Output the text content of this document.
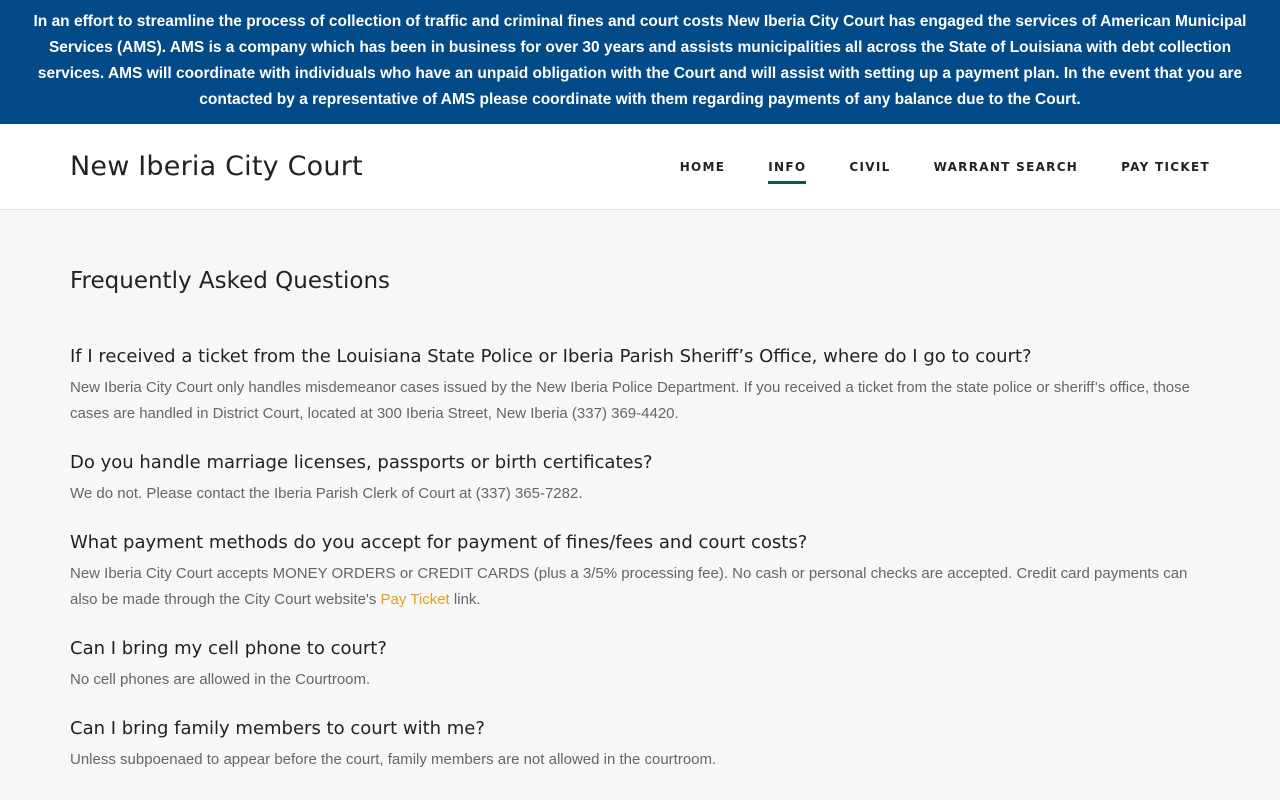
In an effort to streamline the process of collection of traffic and criminal fines and court costs New Iberia City Court has engaged the services of American Municipal Services (AMS). AMS is a company which has been in business for over 30 years and assists municipalities all across the State of Louisiana with debt collection services. AMS will coordinate with individuals who have an unpaid obligation with the Court and will assist with setting up a payment plan. In the event that you are contacted by a representative of AMS please coordinate with them regarding payments of any balance due to the Court.
New Iberia City Court	HOME	INFO	CIVIL	WARRANT SEARCH	PAY TICKET
Frequently Asked Questions
If I received a ticket from the Louisiana State Police or Iberia Parish Sheriff’s Office, where do I go to court?

New Iberia City Court only handles misdemeanor cases issued by the New Iberia Police Department. If you received a ticket from the state police or sheriff’s office, those cases are handled in District Court, located at 300 Iberia Street, New Iberia (337) 369-4420.

Do you handle marriage licenses, passports or birth certificates?

We do not. Please contact the Iberia Parish Clerk of Court at (337) 365-7282.

What payment methods do you accept for payment of fines/fees and court costs?

New Iberia City Court accepts MONEY ORDERS or CREDIT CARDS (plus a 3/5% processing fee). No cash or personal checks are accepted. Credit card payments can also be made through the City Court website's Pay Ticket link.

Can I bring my cell phone to court?

No cell phones are allowed in the Courtroom.

Can I bring family members to court with me?

Unless subpoenaed to appear before the court, family members are not allowed in the courtroom.
